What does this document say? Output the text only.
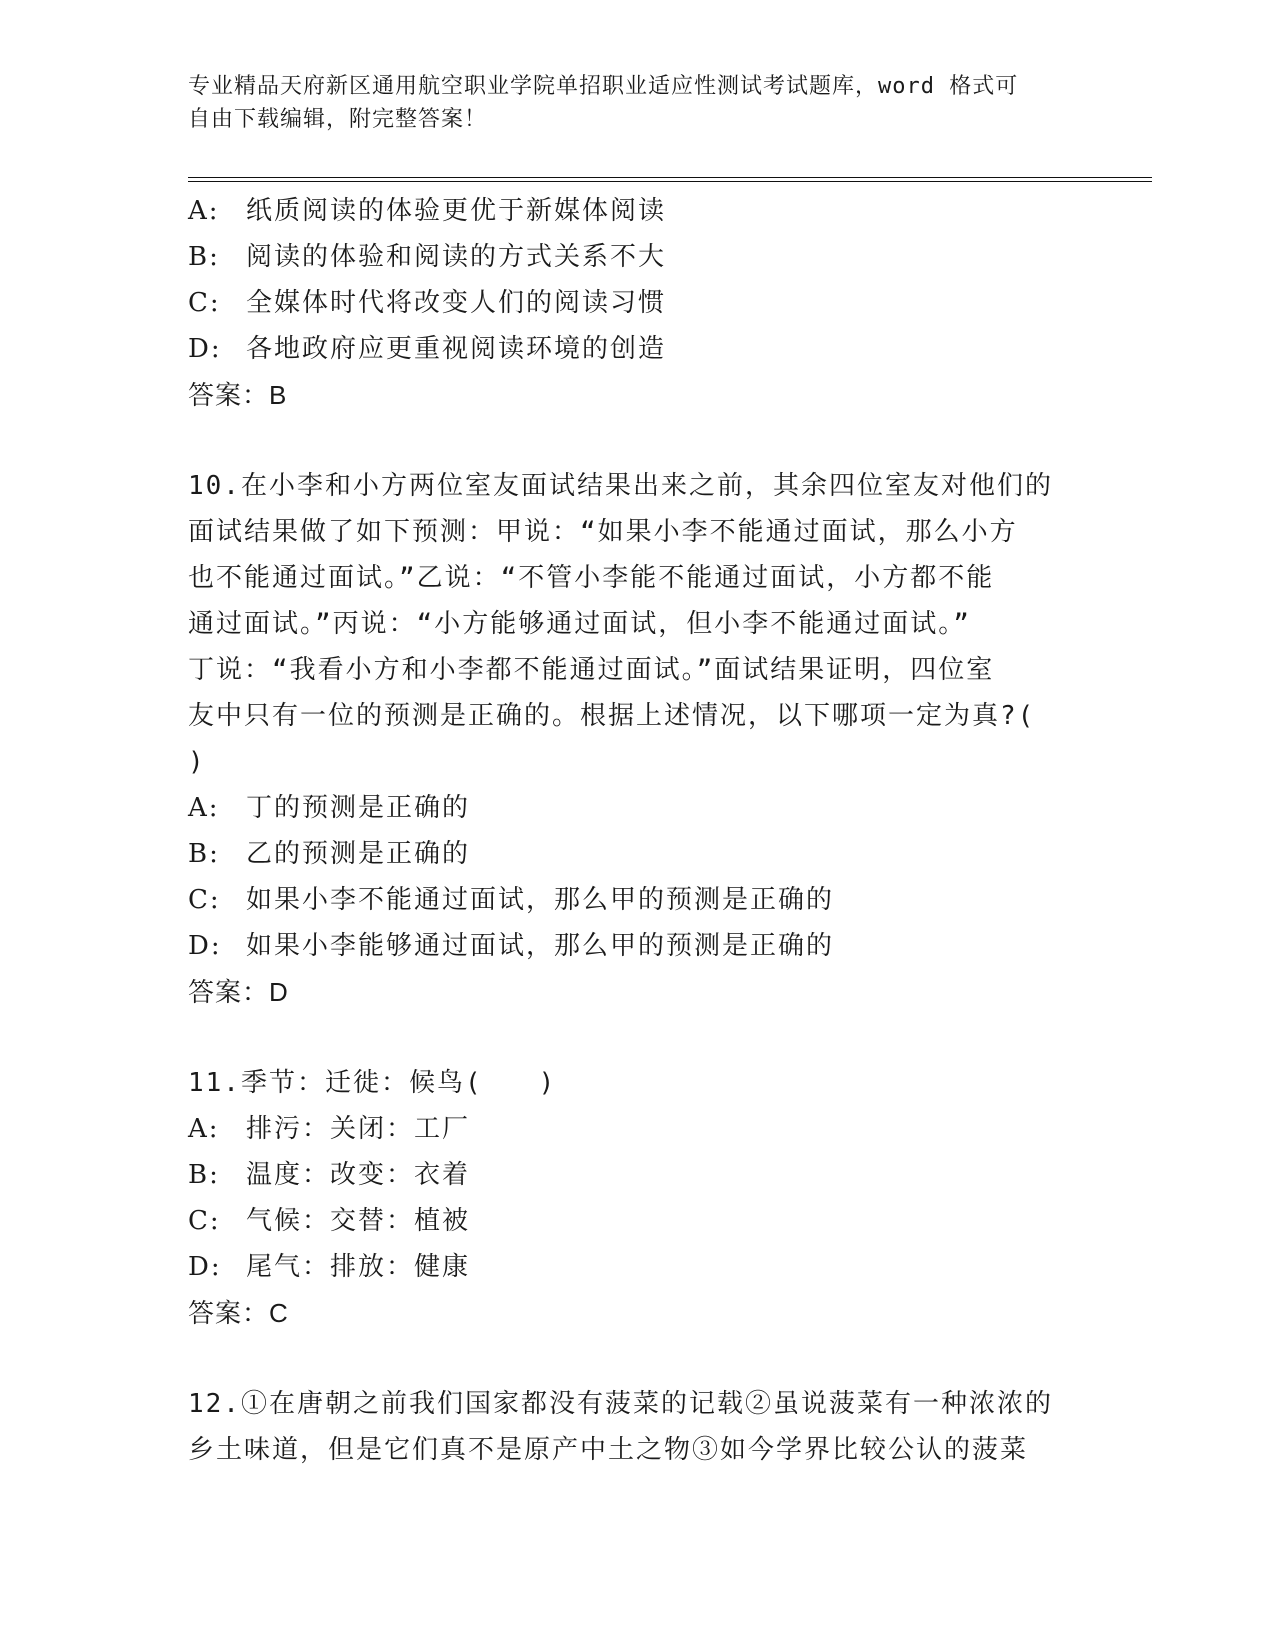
专业精品天府新区通用航空职业学院单招职业适应性测试考试题库，word 格式可
自由下载编辑，附完整答案！
A: 纸质阅读的体验更优于新媒体阅读
B: 阅读的体验和阅读的方式关系不大
C: 全媒体时代将改变人们的阅读习惯
D: 各地政府应更重视阅读环境的创造
答案：B
10.在小李和小方两位室友面试结果出来之前，其余四位室友对他们的
面试结果做了如下预测：甲说：“如果小李不能通过面试，那么小方
也不能通过面试。”乙说：“不管小李能不能通过面试，小方都不能
通过面试。”丙说：“小方能够通过面试，但小李不能通过面试。”
丁说：“我看小方和小李都不能通过面试。”面试结果证明，四位室
友中只有一位的预测是正确的。根据上述情况，以下哪项一定为真?(
)
A: 丁的预测是正确的
B: 乙的预测是正确的
C: 如果小李不能通过面试，那么甲的预测是正确的
D: 如果小李能够通过面试，那么甲的预测是正确的
答案：D
11.季节：迁徙：候鸟(　　)
A: 排污：关闭：工厂
B: 温度：改变：衣着
C: 气候：交替：植被
D: 尾气：排放：健康
答案：C
12.①在唐朝之前我们国家都没有菠菜的记载②虽说菠菜有一种浓浓的
乡土味道，但是它们真不是原产中土之物③如今学界比较公认的菠菜
